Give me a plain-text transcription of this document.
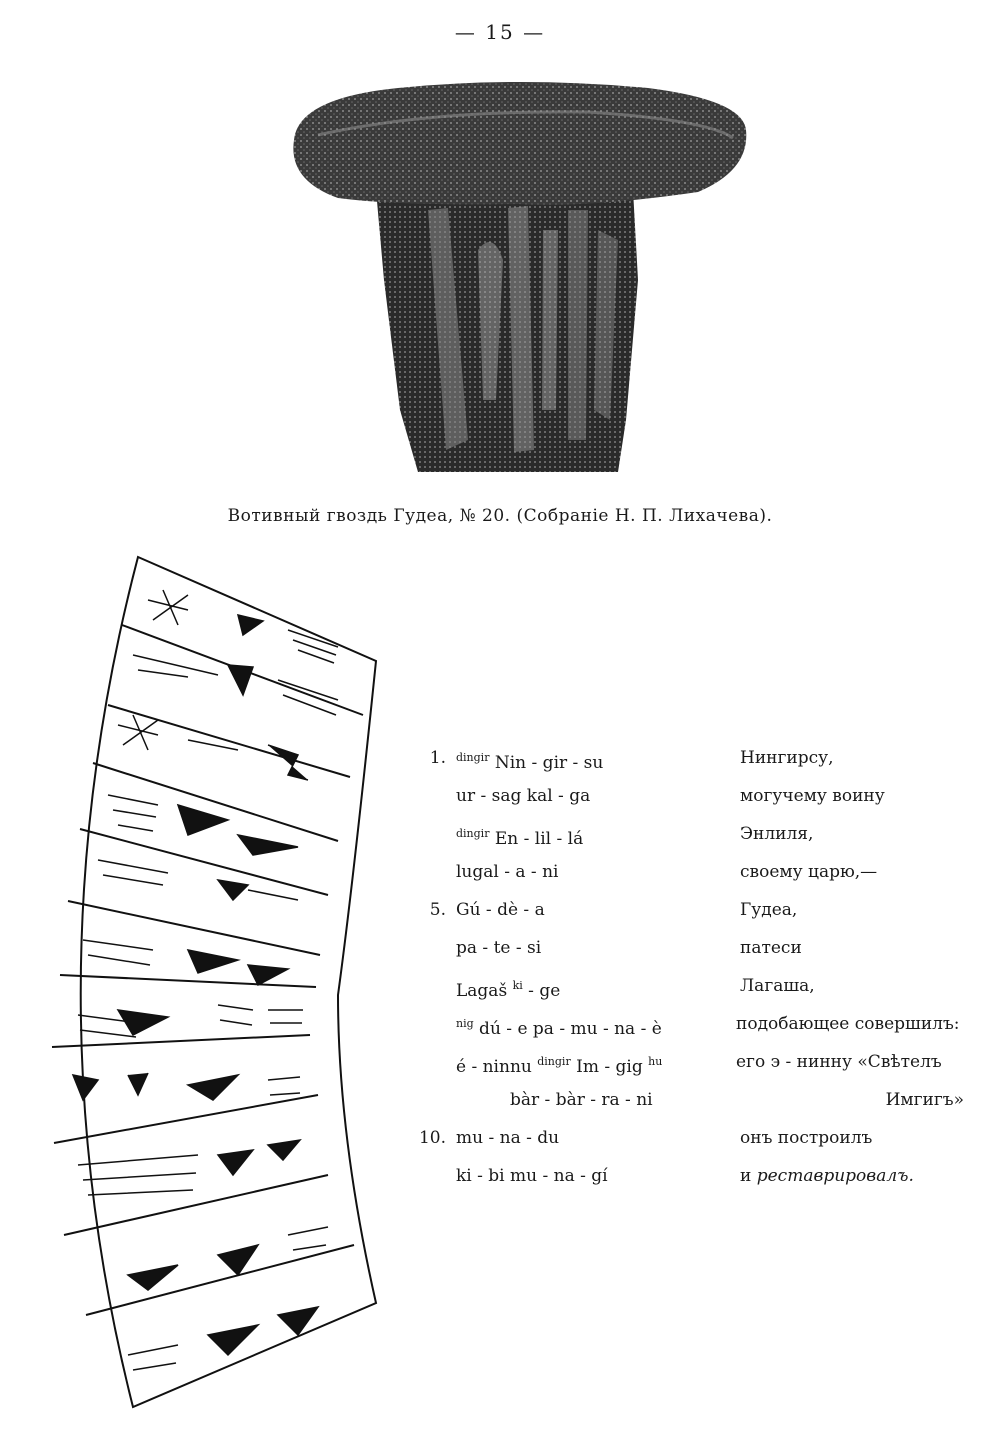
— 15 —
Вотивный гвоздь Гудеа, № 20. (Собраніе Н. П. Лихачева).
1. $^{dingir}$ Nin - gir - su	Нингирсу,
ur - sag kal - ga	могучему воину
$^{dingir}$ En - lil - lá	Энлиля,
lugal - a - ni	своему царю,—
5. Gú - dè - a	Гудеа,
pa - te - si	патеси
Lagaš $^{ki}$ - ge	Лагаша,
$^{nig}$ dú - e pa - mu - na - è	подобающее совершилъ:
é - ninnu $^{dingir}$ Im - gig $^{hu}$	его э - нинну «Свѣтелъ
bàr - bàr - ra - ni	Имгигъ»
10. mu - na - du	онъ построилъ
ki - bi mu - na - gí	и реставрировалъ.
